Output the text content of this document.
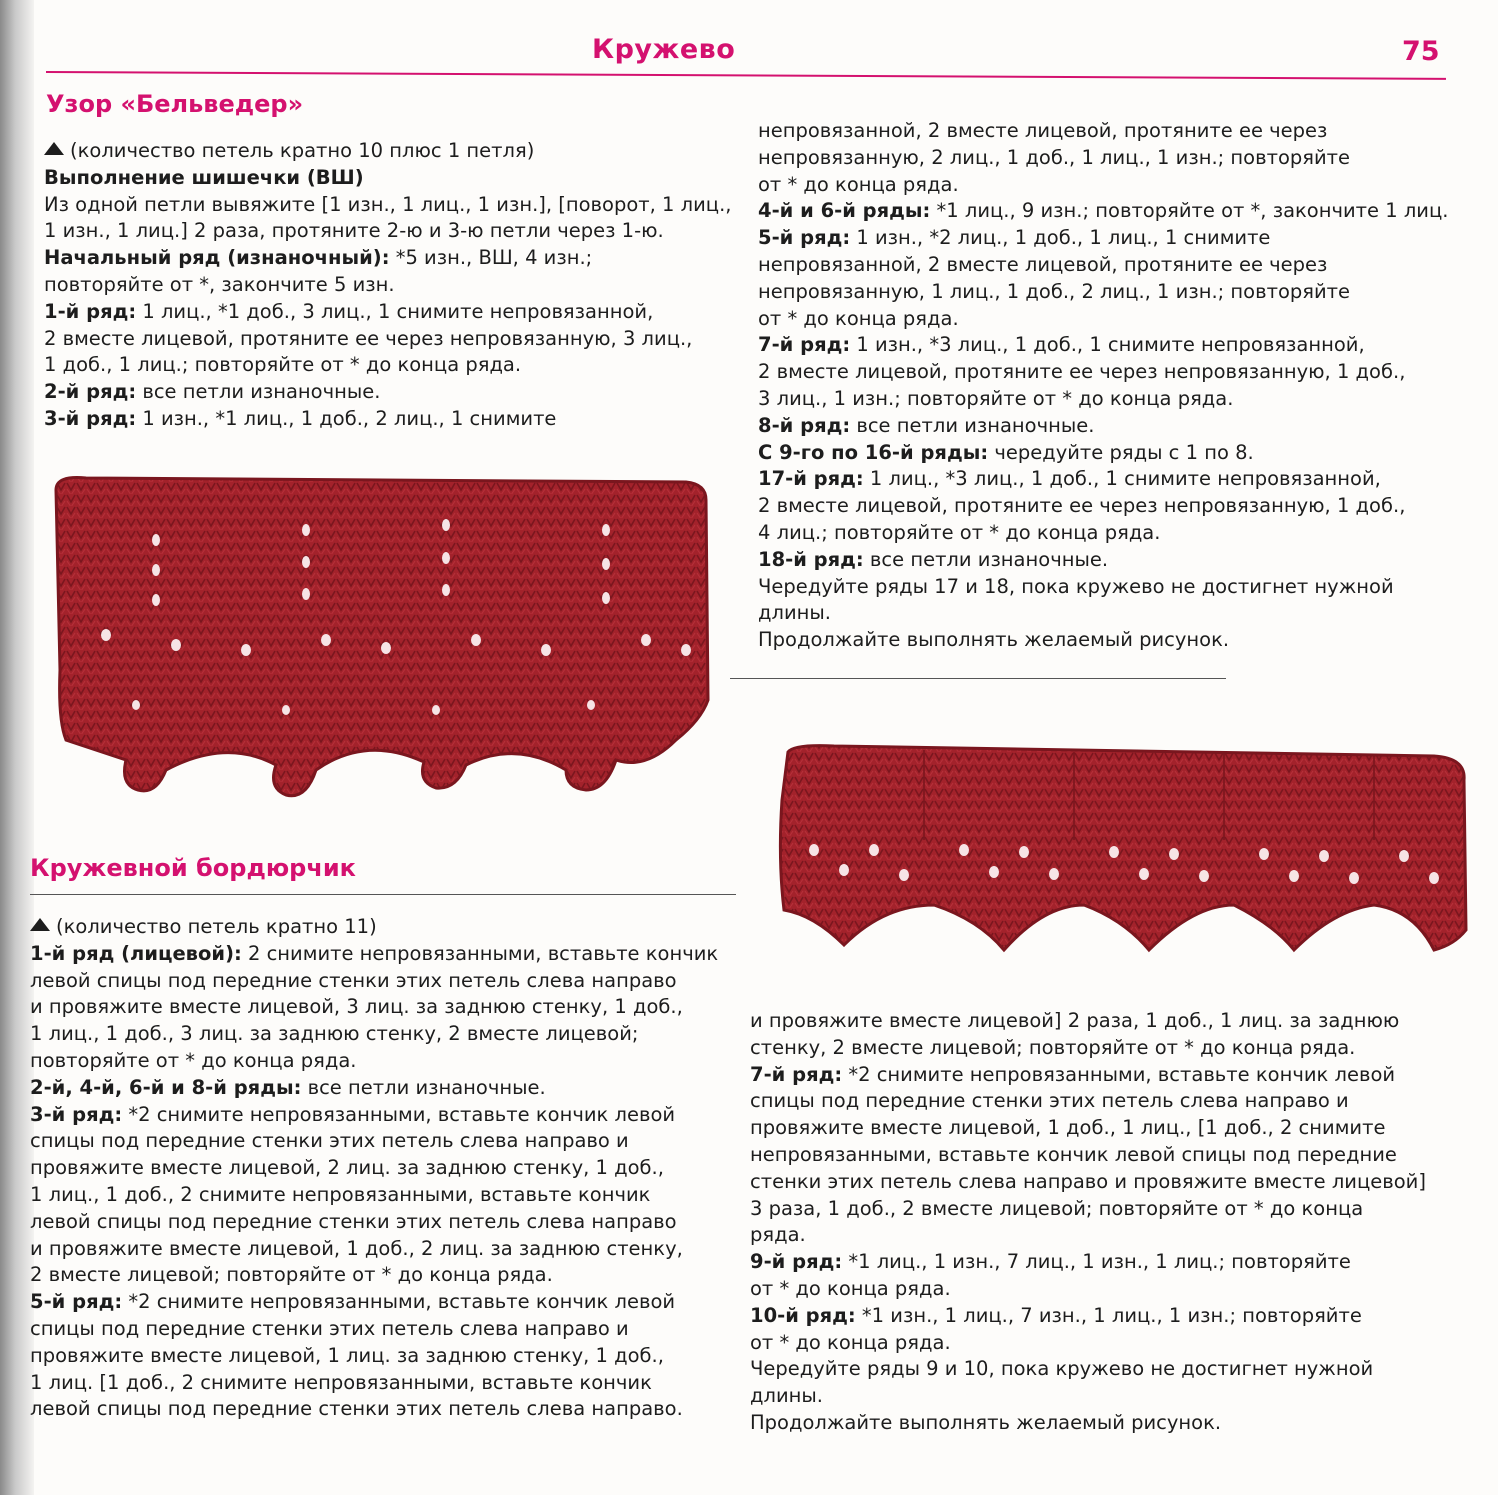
Кружево	75
Узор «Бельведер»

(количество петель кратно 10 плюс 1 петля)

Выполнение шишечки (ВШ)

Из одной петли вывяжите [1 изн., 1 лиц., 1 изн.], [поворот, 1 лиц.,

1 изн., 1 лиц.] 2 раза, протяните 2-ю и 3-ю петли через 1-ю.

Начальный ряд (изнаночный): *5 изн., ВШ, 4 изн.;

повторяйте от *, закончите 5 изн.

1-й ряд: 1 лиц., *1 доб., 3 лиц., 1 снимите непровязанной,

2 вместе лицевой, протяните ее через непровязанную, 3 лиц.,

1 доб., 1 лиц.; повторяйте от * до конца ряда.

2-й ряд: все петли изнаночные.

3-й ряд: 1 изн., *1 лиц., 1 доб., 2 лиц., 1 снимите

непровязанной, 2 вместе лицевой, протяните ее через

непровязанную, 2 лиц., 1 доб., 1 лиц., 1 изн.; повторяйте

от * до конца ряда.

4-й и 6-й ряды: *1 лиц., 9 изн.; повторяйте от *, закончите 1 лиц.

5-й ряд: 1 изн., *2 лиц., 1 доб., 1 лиц., 1 снимите

непровязанной, 2 вместе лицевой, протяните ее через

непровязанную, 1 лиц., 1 доб., 2 лиц., 1 изн.; повторяйте

от * до конца ряда.

7-й ряд: 1 изн., *3 лиц., 1 доб., 1 снимите непровязанной,

2 вместе лицевой, протяните ее через непровязанную, 1 доб.,

3 лиц., 1 изн.; повторяйте от * до конца ряда.

8-й ряд: все петли изнаночные.

С 9-го по 16-й ряды: чередуйте ряды с 1 по 8.

17-й ряд: 1 лиц., *3 лиц., 1 доб., 1 снимите непровязанной,

2 вместе лицевой, протяните ее через непровязанную, 1 доб.,

4 лиц.; повторяйте от * до конца ряда.

18-й ряд: все петли изнаночные.

Чередуйте ряды 17 и 18, пока кружево не достигнет нужной

длины.

Продолжайте выполнять желаемый рисунок.

Кружевной бордюрчик

(количество петель кратно 11)

1-й ряд (лицевой): 2 снимите непровязанными, вставьте кончик

левой спицы под передние стенки этих петель слева направо

и провяжите вместе лицевой, 3 лиц. за заднюю стенку, 1 доб.,

1 лиц., 1 доб., 3 лиц. за заднюю стенку, 2 вместе лицевой;

повторяйте от * до конца ряда.

2-й, 4-й, 6-й и 8-й ряды: все петли изнаночные.

3-й ряд: *2 снимите непровязанными, вставьте кончик левой

спицы под передние стенки этих петель слева направо и

провяжите вместе лицевой, 2 лиц. за заднюю стенку, 1 доб.,

1 лиц., 1 доб., 2 снимите непровязанными, вставьте кончик

левой спицы под передние стенки этих петель слева направо

и провяжите вместе лицевой, 1 доб., 2 лиц. за заднюю стенку,

2 вместе лицевой; повторяйте от * до конца ряда.

5-й ряд: *2 снимите непровязанными, вставьте кончик левой

спицы под передние стенки этих петель слева направо и

провяжите вместе лицевой, 1 лиц. за заднюю стенку, 1 доб.,

1 лиц. [1 доб., 2 снимите непровязанными, вставьте кончик

левой спицы под передние стенки этих петель слева направо.

и провяжите вместе лицевой] 2 раза, 1 доб., 1 лиц. за заднюю

стенку, 2 вместе лицевой; повторяйте от * до конца ряда.

7-й ряд: *2 снимите непровязанными, вставьте кончик левой

спицы под передние стенки этих петель слева направо и

провяжите вместе лицевой, 1 доб., 1 лиц., [1 доб., 2 снимите

непровязанными, вставьте кончик левой спицы под передние

стенки этих петель слева направо и провяжите вместе лицевой]

3 раза, 1 доб., 2 вместе лицевой; повторяйте от * до конца

ряда.

9-й ряд: *1 лиц., 1 изн., 7 лиц., 1 изн., 1 лиц.; повторяйте

от * до конца ряда.

10-й ряд: *1 изн., 1 лиц., 7 изн., 1 лиц., 1 изн.; повторяйте

от * до конца ряда.

Чередуйте ряды 9 и 10, пока кружево не достигнет нужной

длины.

Продолжайте выполнять желаемый рисунок.
